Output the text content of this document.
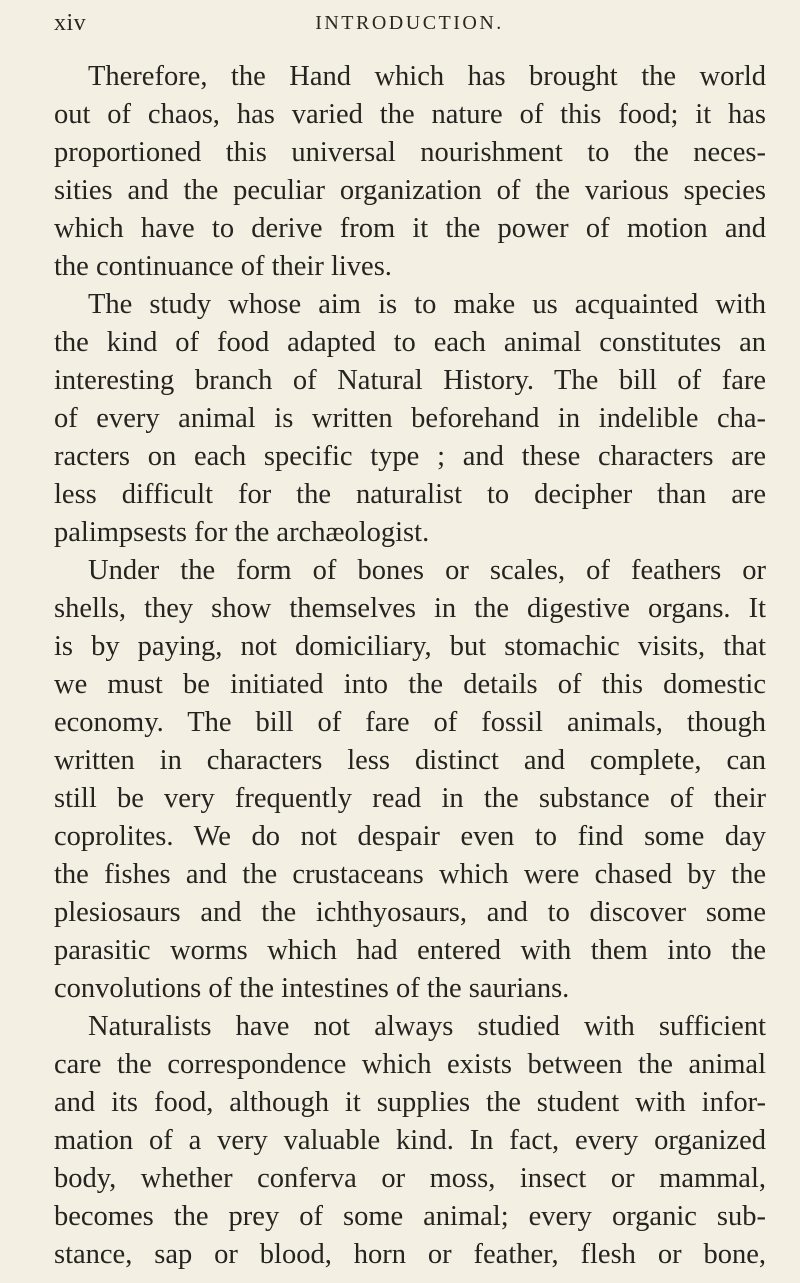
xiv	INTRODUCTION.
Therefore, the Hand which has brought the world
out of chaos, has varied the nature of this food; it has
proportioned this universal nourishment to the neces-
sities and the peculiar organization of the various species
which have to derive from it the power of motion and
the continuance of their lives.
The study whose aim is to make us acquainted with
the kind of food adapted to each animal constitutes an
interesting branch of Natural History. The bill of fare
of every animal is written beforehand in indelible cha-
racters on each specific type ; and these characters are
less difficult for the naturalist to decipher than are
palimpsests for the archæologist.
Under the form of bones or scales, of feathers or
shells, they show themselves in the digestive organs. It
is by paying, not domiciliary, but stomachic visits, that
we must be initiated into the details of this domestic
economy. The bill of fare of fossil animals, though
written in characters less distinct and complete, can
still be very frequently read in the substance of their
coprolites. We do not despair even to find some day
the fishes and the crustaceans which were chased by the
plesiosaurs and the ichthyosaurs, and to discover some
parasitic worms which had entered with them into the
convolutions of the intestines of the saurians.
Naturalists have not always studied with sufficient
care the correspondence which exists between the animal
and its food, although it supplies the student with infor-
mation of a very valuable kind. In fact, every organized
body, whether conferva or moss, insect or mammal,
becomes the prey of some animal; every organic sub-
stance, sap or blood, horn or feather, flesh or bone,
